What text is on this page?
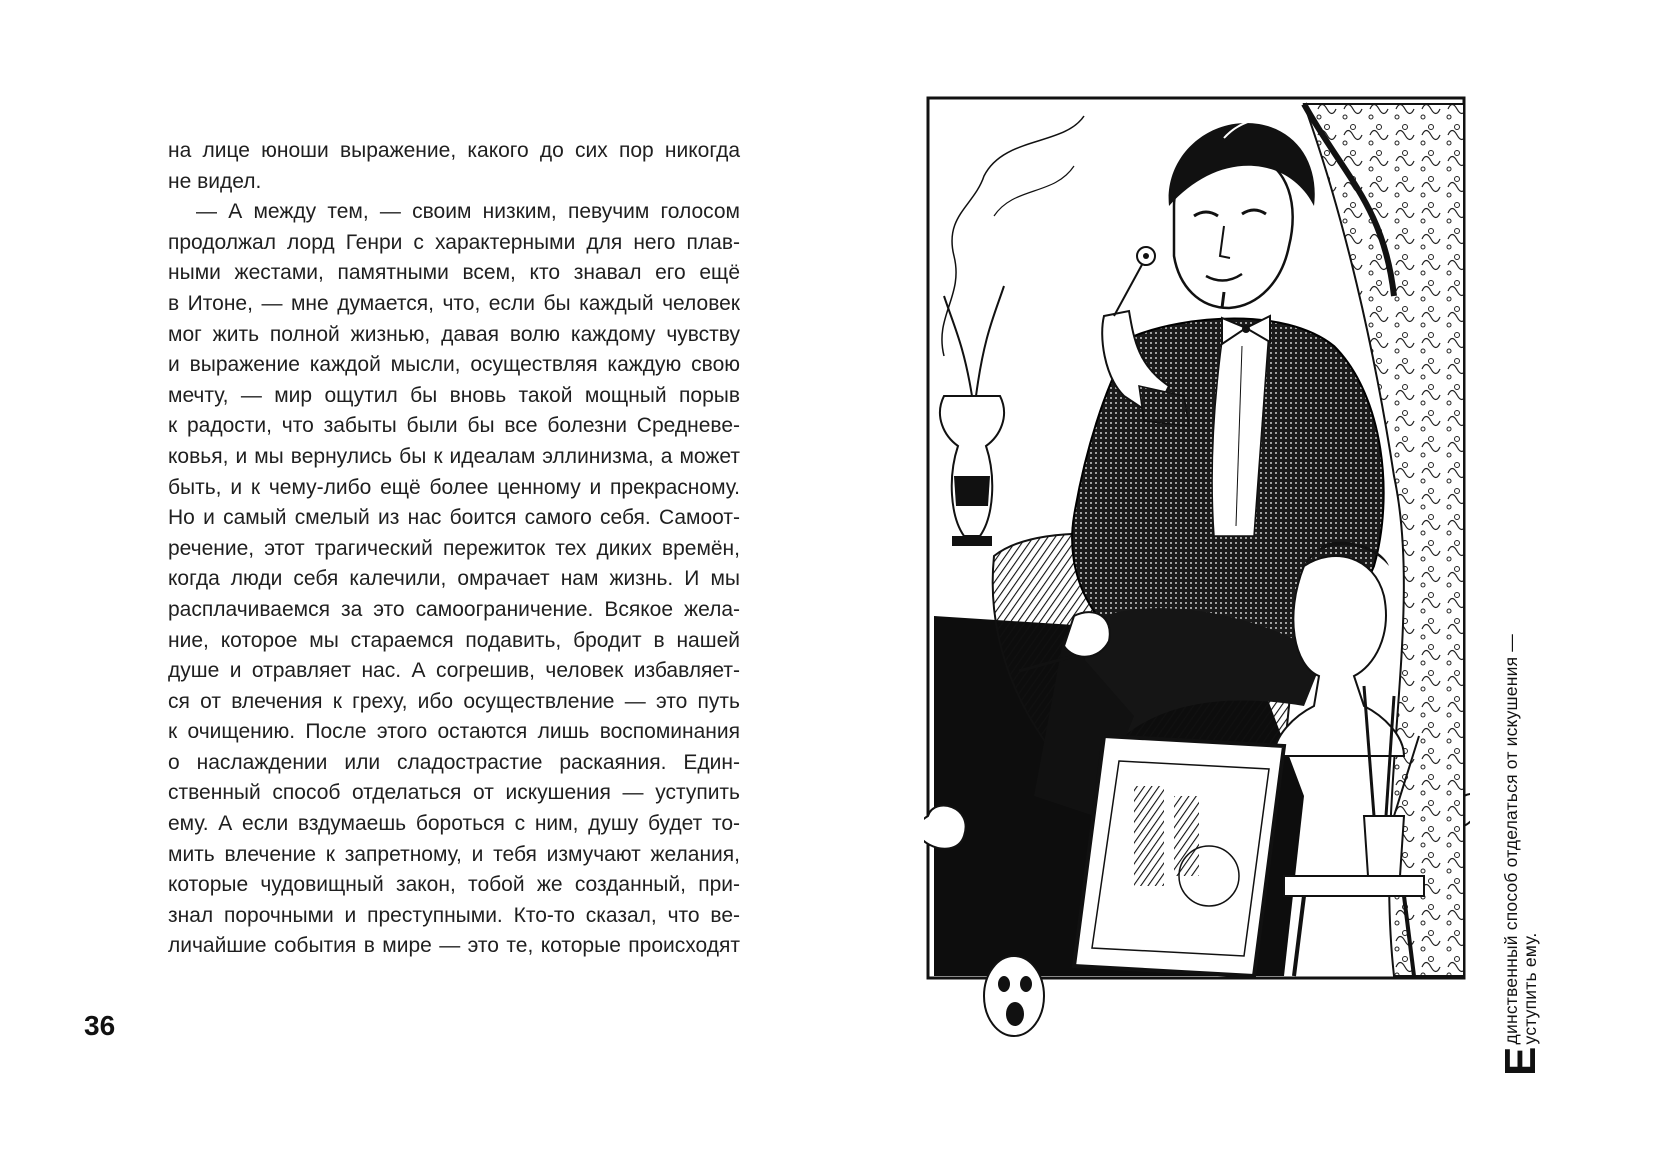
на лице юноши выражение, какого до сих пор никогда
не видел.
— А между тем, — своим низким, певучим голосом
продолжал лорд Генри с характерными для него плав-
ными жестами, памятными всем, кто знавал его ещё
в Итоне, — мне думается, что, если бы каждый человек
мог жить полной жизнью, давая волю каждому чувству
и выражение каждой мысли, осуществляя каждую свою
мечту, — мир ощутил бы вновь такой мощный порыв
к радости, что забыты были бы все болезни Средневе-
ковья, и мы вернулись бы к идеалам эллинизма, а может
быть, и к чему-либо ещё более ценному и прекрасному.
Но и самый смелый из нас боится самого себя. Самоот-
речение, этот трагический пережиток тех диких времён,
когда люди себя калечили, омрачает нам жизнь. И мы
расплачиваемся за это самоограничение. Всякое жела-
ние, которое мы стараемся подавить, бродит в нашей
душе и отравляет нас. А согрешив, человек избавляет-
ся от влечения к греху, ибо осуществление — это путь
к очищению. После этого остаются лишь воспоминания
о наслаждении или сладострастие раскаяния. Един-
ственный способ отделаться от искушения — уступить
ему. А если вздумаешь бороться с ним, душу будет то-
мить влечение к запретному, и тебя измучают желания,
которые чудовищный закон, тобой же созданный, при-
знал порочными и преступными. Кто-то сказал, что ве-
личайшие события в мире — это те, которые происходят
36
Е
динственный способ отделаться от искушения — уступить ему.
